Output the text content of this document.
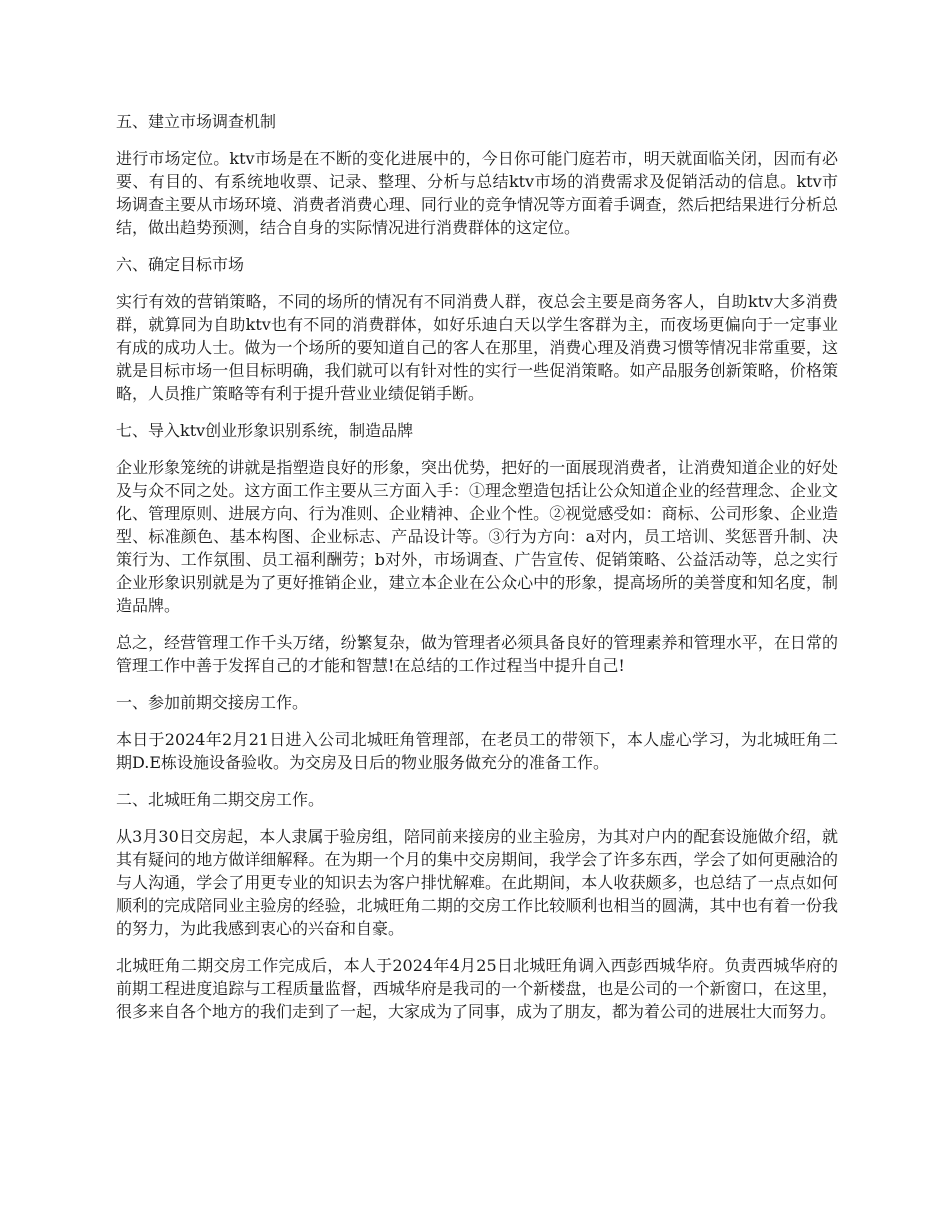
五、建立市场调查机制

进行市场定位。ktv市场是在不断的变化进展中的，今日你可能门庭若市，明天就面临关闭，因而有必要、有目的、有系统地收票、记录、整理、分析与总结ktv市场的消费需求及促销活动的信息。ktv市场调查主要从市场环境、消费者消费心理、同行业的竞争情况等方面着手调查，然后把结果进行分析总结，做出趋势预测，结合自身的实际情况进行消费群体的这定位。

六、确定目标市场

实行有效的营销策略，不同的场所的情况有不同消费人群，夜总会主要是商务客人，自助ktv大多消费群，就算同为自助ktv也有不同的消费群体，如好乐迪白天以学生客群为主，而夜场更偏向于一定事业有成的成功人士。做为一个场所的要知道自己的客人在那里，消费心理及消费习惯等情况非常重要，这就是目标市场一但目标明确，我们就可以有针对性的实行一些促消策略。如产品服务创新策略，价格策略，人员推广策略等有利于提升营业业绩促销手断。

七、导入ktv创业形象识别系统，制造品牌

企业形象笼统的讲就是指塑造良好的形象，突出优势，把好的一面展现消费者，让消费知道企业的好处及与众不同之处。这方面工作主要从三方面入手：①理念塑造包括让公众知道企业的经营理念、企业文化、管理原则、进展方向、行为准则、企业精神、企业个性。②视觉感受如：商标、公司形象、企业造型、标准颜色、基本构图、企业标志、产品设计等。③行为方向：a对内，员工培训、奖惩晋升制、决策行为、工作氛围、员工福利酬劳；b对外，市场调查、广告宣传、促销策略、公益活动等，总之实行企业形象识别就是为了更好推销企业，建立本企业在公众心中的形象，提高场所的美誉度和知名度，制造品牌。

总之，经营管理工作千头万绪，纷繁复杂，做为管理者必须具备良好的管理素养和管理水平，在日常的管理工作中善于发挥自己的才能和智慧!在总结的工作过程当中提升自己!

一、参加前期交接房工作。

本日于2024年2月21日进入公司北城旺角管理部，在老员工的带领下，本人虚心学习，为北城旺角二期D.E栋设施设备验收。为交房及日后的物业服务做充分的准备工作。

二、北城旺角二期交房工作。

从3月30日交房起，本人隶属于验房组，陪同前来接房的业主验房，为其对户内的配套设施做介绍，就其有疑问的地方做详细解释。在为期一个月的集中交房期间，我学会了许多东西，学会了如何更融洽的与人沟通，学会了用更专业的知识去为客户排忧解难。在此期间，本人收获颇多，也总结了一点点如何顺利的完成陪同业主验房的经验，北城旺角二期的交房工作比较顺利也相当的圆满，其中也有着一份我的努力，为此我感到衷心的兴奋和自豪。

北城旺角二期交房工作完成后，本人于2024年4月25日北城旺角调入西彭西城华府。负责西城华府的前期工程进度追踪与工程质量监督，西城华府是我司的一个新楼盘，也是公司的一个新窗口，在这里，很多来自各个地方的我们走到了一起，大家成为了同事，成为了朋友，都为着公司的进展壮大而努力。
